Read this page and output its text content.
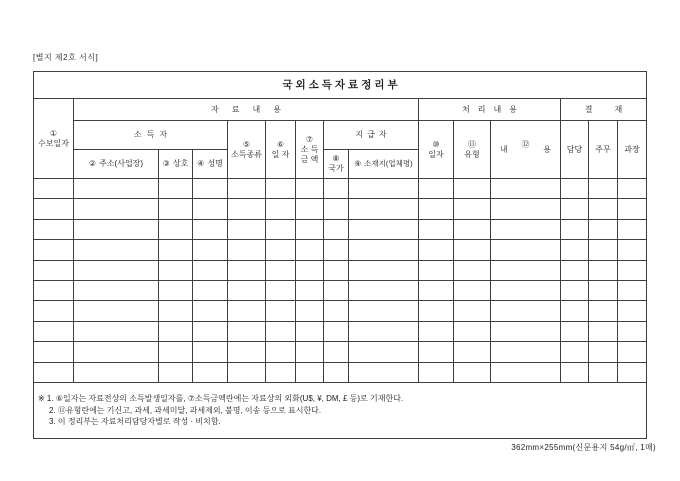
[별지 제2호 서식]
국외소득자료정리부
①
수보일자
자료내용	처리내용	결재
소득자
⑤
소득종류
⑥
일 자
⑦
소 득
금 액
지급자
⑩
일자
⑪
유형
내
⑫
용 담당 주무 과장
② 주소(사업장) ③ 상호 ④ 성명
⑧
국가
⑨ 소재지(업체명)
※ 1. ⑥일자는 자료전상의 소득발생일자를, ⑦소득금액란에는 자료상의 외화(U$, ¥, DM, £ 등)로 기재한다.
2. ⑪유형란에는 기신고, 과세, 과세미달, 과세제외, 불명, 이송 등으로 표시한다.
3. 이 정리부는 자료처리담당자별로 작성 · 비치함.
362mm×255mm(신문용지 54g/㎡, 1매)
